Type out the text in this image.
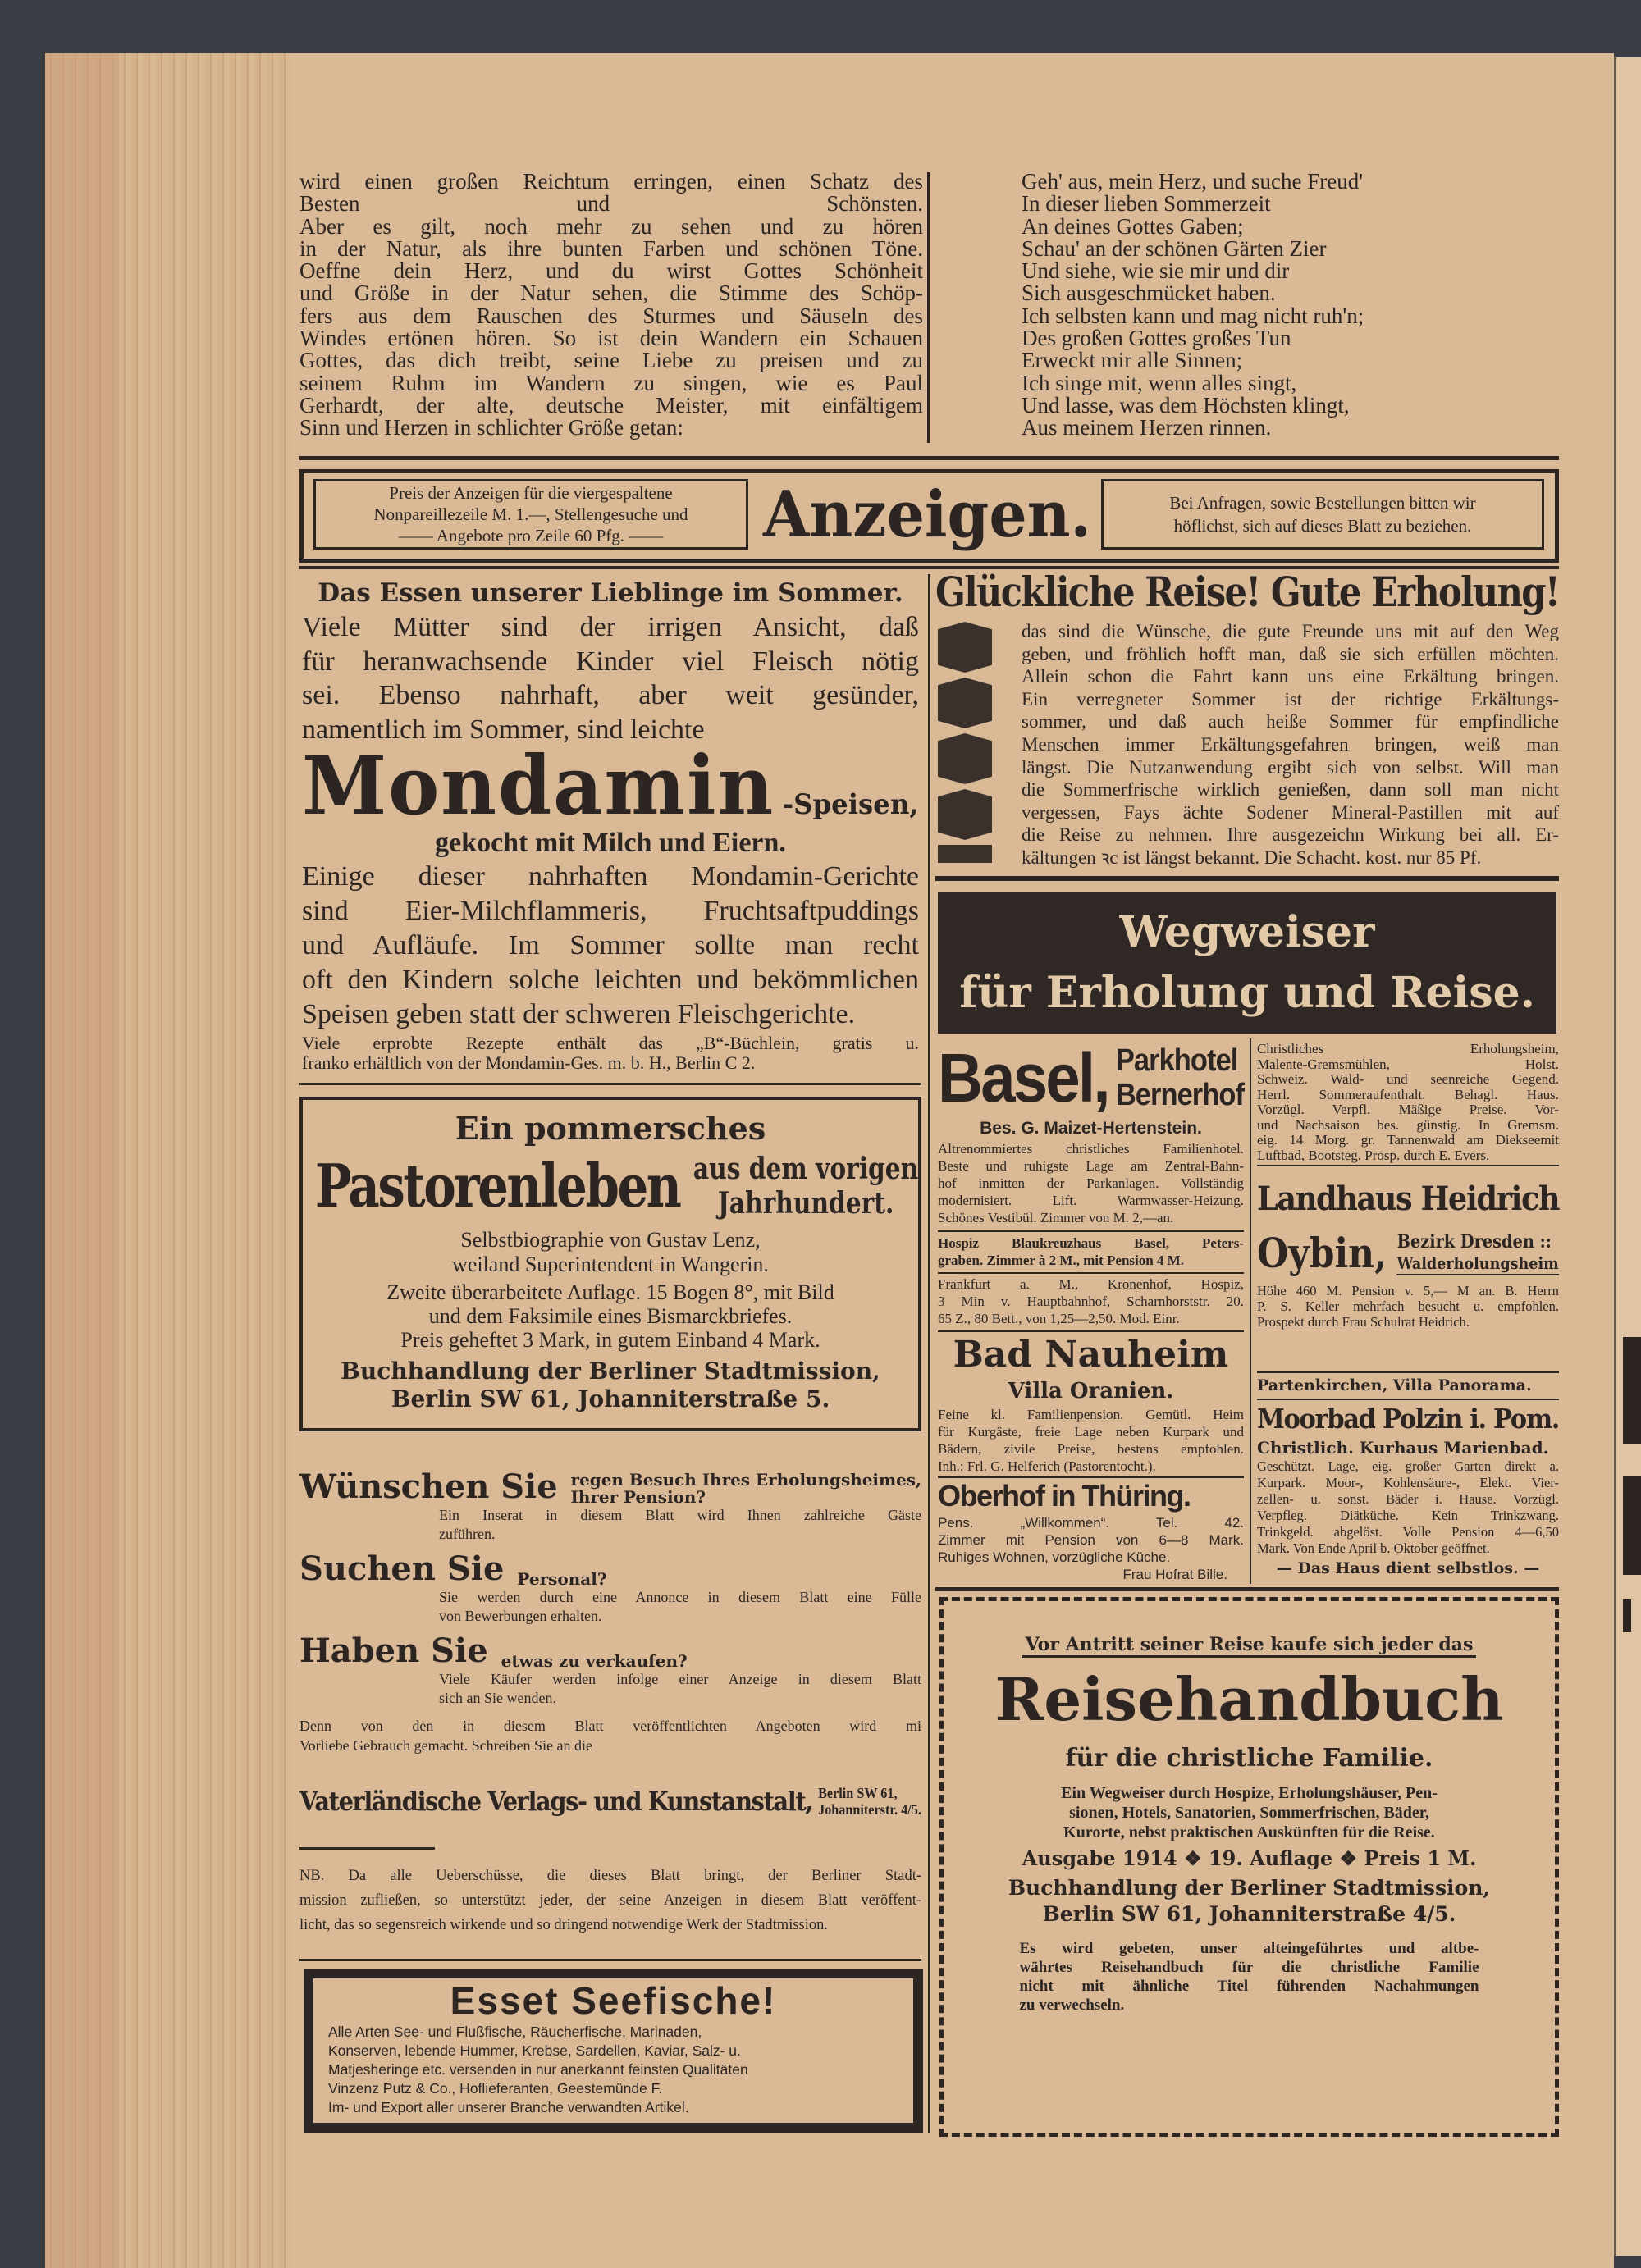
wird einen großen Reichtum erringen, einen Schatz des
Besten und Schönsten.
Aber es gilt, noch mehr zu sehen und zu hören
in der Natur, als ihre bunten Farben und schönen Töne.
Oeffne dein Herz, und du wirst Gottes Schönheit
und Größe in der Natur sehen, die Stimme des Schöp-
fers aus dem Rauschen des Sturmes und Säuseln des
Windes ertönen hören. So ist dein Wandern ein Schauen
Gottes, das dich treibt, seine Liebe zu preisen und zu
seinem Ruhm im Wandern zu singen, wie es Paul
Gerhardt, der alte, deutsche Meister, mit einfältigem
Sinn und Herzen in schlichter Größe getan:
Geh' aus, mein Herz, und suche Freud'
In dieser lieben Sommerzeit
An deines Gottes Gaben;
Schau' an der schönen Gärten Zier
Und siehe, wie sie mir und dir
Sich ausgeschmücket haben.
Ich selbsten kann und mag nicht ruh'n;
Des großen Gottes großes Tun
Erweckt mir alle Sinnen;
Ich singe mit, wenn alles singt,
Und lasse, was dem Höchsten klingt,
Aus meinem Herzen rinnen.
Preis der Anzeigen für die viergespaltene
Nonpareillezeile M. 1.—, Stellengesuche und
—— Angebote pro Zeile 60 Pfg. ——	Anzeigen.	Bei Anfragen, sowie Bestellungen bitten wir
höflichst, sich auf dieses Blatt zu beziehen.
Das Essen unserer Lieblinge im Sommer.
Viele Mütter sind der irrigen Ansicht, daß
für heranwachsende Kinder viel Fleisch nötig
sei. Ebenso nahrhaft, aber weit gesünder,
namentlich im Sommer, sind leichte
Mondamin -Speisen,
gekocht mit Milch und Eiern.
Einige dieser nahrhaften Mondamin-Gerichte
sind Eier-Milchflammeris, Fruchtsaftpuddings
und Aufläufe. Im Sommer sollte man recht
oft den Kindern solche leichten und bekömmlichen
Speisen geben statt der schweren Fleischgerichte.
Viele erprobte Rezepte enthält das „B“-Büchlein, gratis u.
franko erhältlich von der Mondamin-Ges. m. b. H., Berlin C 2.
Ein pommersches
Pastorenleben aus dem vorigen
Jahrhundert.
Selbstbiographie von Gustav Lenz,
weiland Superintendent in Wangerin.
Zweite überarbeitete Auflage. 15 Bogen 8°, mit Bild
und dem Faksimile eines Bismarckbriefes.
Preis geheftet 3 Mark, in gutem Einband 4 Mark.
Buchhandlung der Berliner Stadtmission,
Berlin SW 61, Johanniterstraße 5.
Wünschen Sie regen Besuch Ihres Erholungsheimes,
Ihrer Pension?
Ein Inserat in diesem Blatt wird Ihnen zahlreiche Gäste
zuführen.
Suchen Sie Personal?
Sie werden durch eine Annonce in diesem Blatt eine Fülle
von Bewerbungen erhalten.
Haben Sie etwas zu verkaufen?
Viele Käufer werden infolge einer Anzeige in diesem Blatt
sich an Sie wenden.
Denn von den in diesem Blatt veröffentlichten Angeboten wird mi
Vorliebe Gebrauch gemacht. Schreiben Sie an die
Vaterländische Verlags- und Kunstanstalt, Berlin SW 61,
Johanniterstr. 4/5.
NB. Da alle Ueberschüsse, die dieses Blatt bringt, der Berliner Stadt-
mission zufließen, so unterstützt jeder, der seine Anzeigen in diesem Blatt veröffent-
licht, das so segensreich wirkende und so dringend notwendige Werk der Stadtmission.
Esset Seefische!
Alle Arten See- und Flußfische, Räucherfische, Marinaden,
Konserven, lebende Hummer, Krebse, Sardellen, Kaviar, Salz- u.
Matjesheringe etc. versenden in nur anerkannt feinsten Qualitäten
Vinzenz Putz & Co., Hoflieferanten, Geestemünde F.
Im- und Export aller unserer Branche verwandten Artikel.
Glückliche Reise! Gute Erholung!
das sind die Wünsche, die gute Freunde uns mit auf den Weg
geben, und fröhlich hofft man, daß sie sich erfüllen möchten.
Allein schon die Fahrt kann uns eine Erkältung bringen.
Ein verregneter Sommer ist der richtige Erkältungs-
sommer, und daß auch heiße Sommer für empfindliche
Menschen immer Erkältungsgefahren bringen, weiß man
längst. Die Nutzanwendung ergibt sich von selbst. Will man
die Sommerfrische wirklich genießen, dann soll man nicht
vergessen, Fays ächte Sodener Mineral-Pastillen mit auf
die Reise zu nehmen. Ihre ausgezeichn Wirkung bei all. Er-
kältungen ꝛc ist längst bekannt. Die Schacht. kost. nur 85 Pf.
Wegweiser
für Erholung und Reise.
Basel, Parkhotel
Bernerhof
Bes. G. Maizet-Hertenstein.
Altrenommiertes christliches Familienhotel.
Beste und ruhigste Lage am Zentral-Bahn-
hof inmitten der Parkanlagen. Vollständig
modernisiert. Lift. Warmwasser-Heizung.
Schönes Vestibül. Zimmer von M. 2,—an.
Hospiz Blaukreuzhaus Basel, Peters-
graben. Zimmer à 2 M., mit Pension 4 M.
Frankfurt a. M., Kronenhof, Hospiz,
3 Min v. Hauptbahnhof, Scharnhorststr. 20.
65 Z., 80 Bett., von 1,25—2,50. Mod. Einr.
Bad Nauheim
Villa Oranien.
Feine kl. Familienpension. Gemütl. Heim
für Kurgäste, freie Lage neben Kurpark und
Bädern, zivile Preise, bestens empfohlen.
Inh.: Frl. G. Helferich (Pastorentocht.).
Oberhof in Thüring.
Pens. „Willkommen“. Tel. 42.
Zimmer mit Pension von 6—8 Mark.
Ruhiges Wohnen, vorzügliche Küche.
Frau Hofrat Bille.
Christliches Erholungsheim,
Malente-Gremsmühlen, Holst.
Schweiz. Wald- und seenreiche Gegend.
Herrl. Sommeraufenthalt. Behagl. Haus.
Vorzügl. Verpfl. Mäßige Preise. Vor-
und Nachsaison bes. günstig. In Gremsm.
eig. 14 Morg. gr. Tannenwald am Diekseemit
Luftbad, Bootsteg. Prosp. durch E. Evers.
Landhaus Heidrich
Oybin, Bezirk Dresden ::
Walderholungsheim
Höhe 460 M. Pension v. 5,— M an. B. Herrn
P. S. Keller mehrfach besucht u. empfohlen.
Prospekt durch Frau Schulrat Heidrich.
Partenkirchen, Villa Panorama.
Moorbad Polzin i. Pom.
Christlich. Kurhaus Marienbad.
Geschützt. Lage, eig. großer Garten direkt a.
Kurpark. Moor-, Kohlensäure-, Elekt. Vier-
zellen- u. sonst. Bäder i. Hause. Vorzügl.
Verpfleg. Diätküche. Kein Trinkzwang.
Trinkgeld. abgelöst. Volle Pension 4—6,50
Mark. Von Ende April b. Oktober geöffnet.
— Das Haus dient selbstlos. —
Vor Antritt seiner Reise kaufe sich jeder das
Reisehandbuch
für die christliche Familie.
Ein Wegweiser durch Hospize, Erholungshäuser, Pen-
sionen, Hotels, Sanatorien, Sommerfrischen, Bäder,
Kurorte, nebst praktischen Auskünften für die Reise.
Ausgabe 1914 ❖ 19. Auflage ❖ Preis 1 M.
Buchhandlung der Berliner Stadtmission,
Berlin SW 61, Johanniterstraße 4/5.
Es wird gebeten, unser alteingeführtes und altbe-
währtes Reisehandbuch für die christliche Familie
nicht mit ähnliche Titel führenden Nachahmungen
zu verwechseln.
